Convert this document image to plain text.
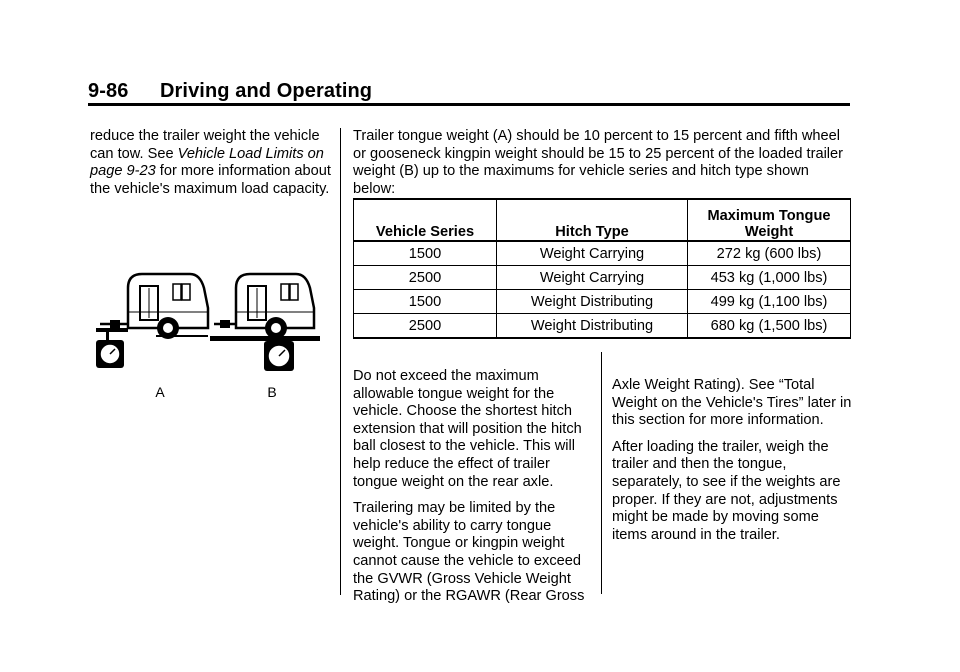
9-86 Driving and Operating
reduce the trailer weight the vehicle can tow. See Vehicle Load Limits on page 9-23 for more information about the vehicle's maximum load capacity.
A	B
Trailer tongue weight (A) should be 10 percent to 15 percent and fifth wheel or gooseneck kingpin weight should be 15 to 25 percent of the loaded trailer weight (B) up to the maximums for vehicle series and hitch type shown below:
Vehicle Series	Hitch Type	Maximum Tongue Weight
1500	Weight Carrying	272 kg (600 lbs)
2500	Weight Carrying	453 kg (1,000 lbs)
1500	Weight Distributing	499 kg (1,100 lbs)
2500	Weight Distributing	680 kg (1,500 lbs)

Do not exceed the maximum allowable tongue weight for the vehicle. Choose the shortest hitch extension that will position the hitch ball closest to the vehicle. This will help reduce the effect of trailer tongue weight on the rear axle.

Trailering may be limited by the vehicle's ability to carry tongue weight. Tongue or kingpin weight cannot cause the vehicle to exceed the GVWR (Gross Vehicle Weight Rating) or the RGAWR (Rear Gross

Axle Weight Rating). See “Total Weight on the Vehicle's Tires” later in this section for more information.

After loading the trailer, weigh the trailer and then the tongue, separately, to see if the weights are proper. If they are not, adjustments might be made by moving some items around in the trailer.
